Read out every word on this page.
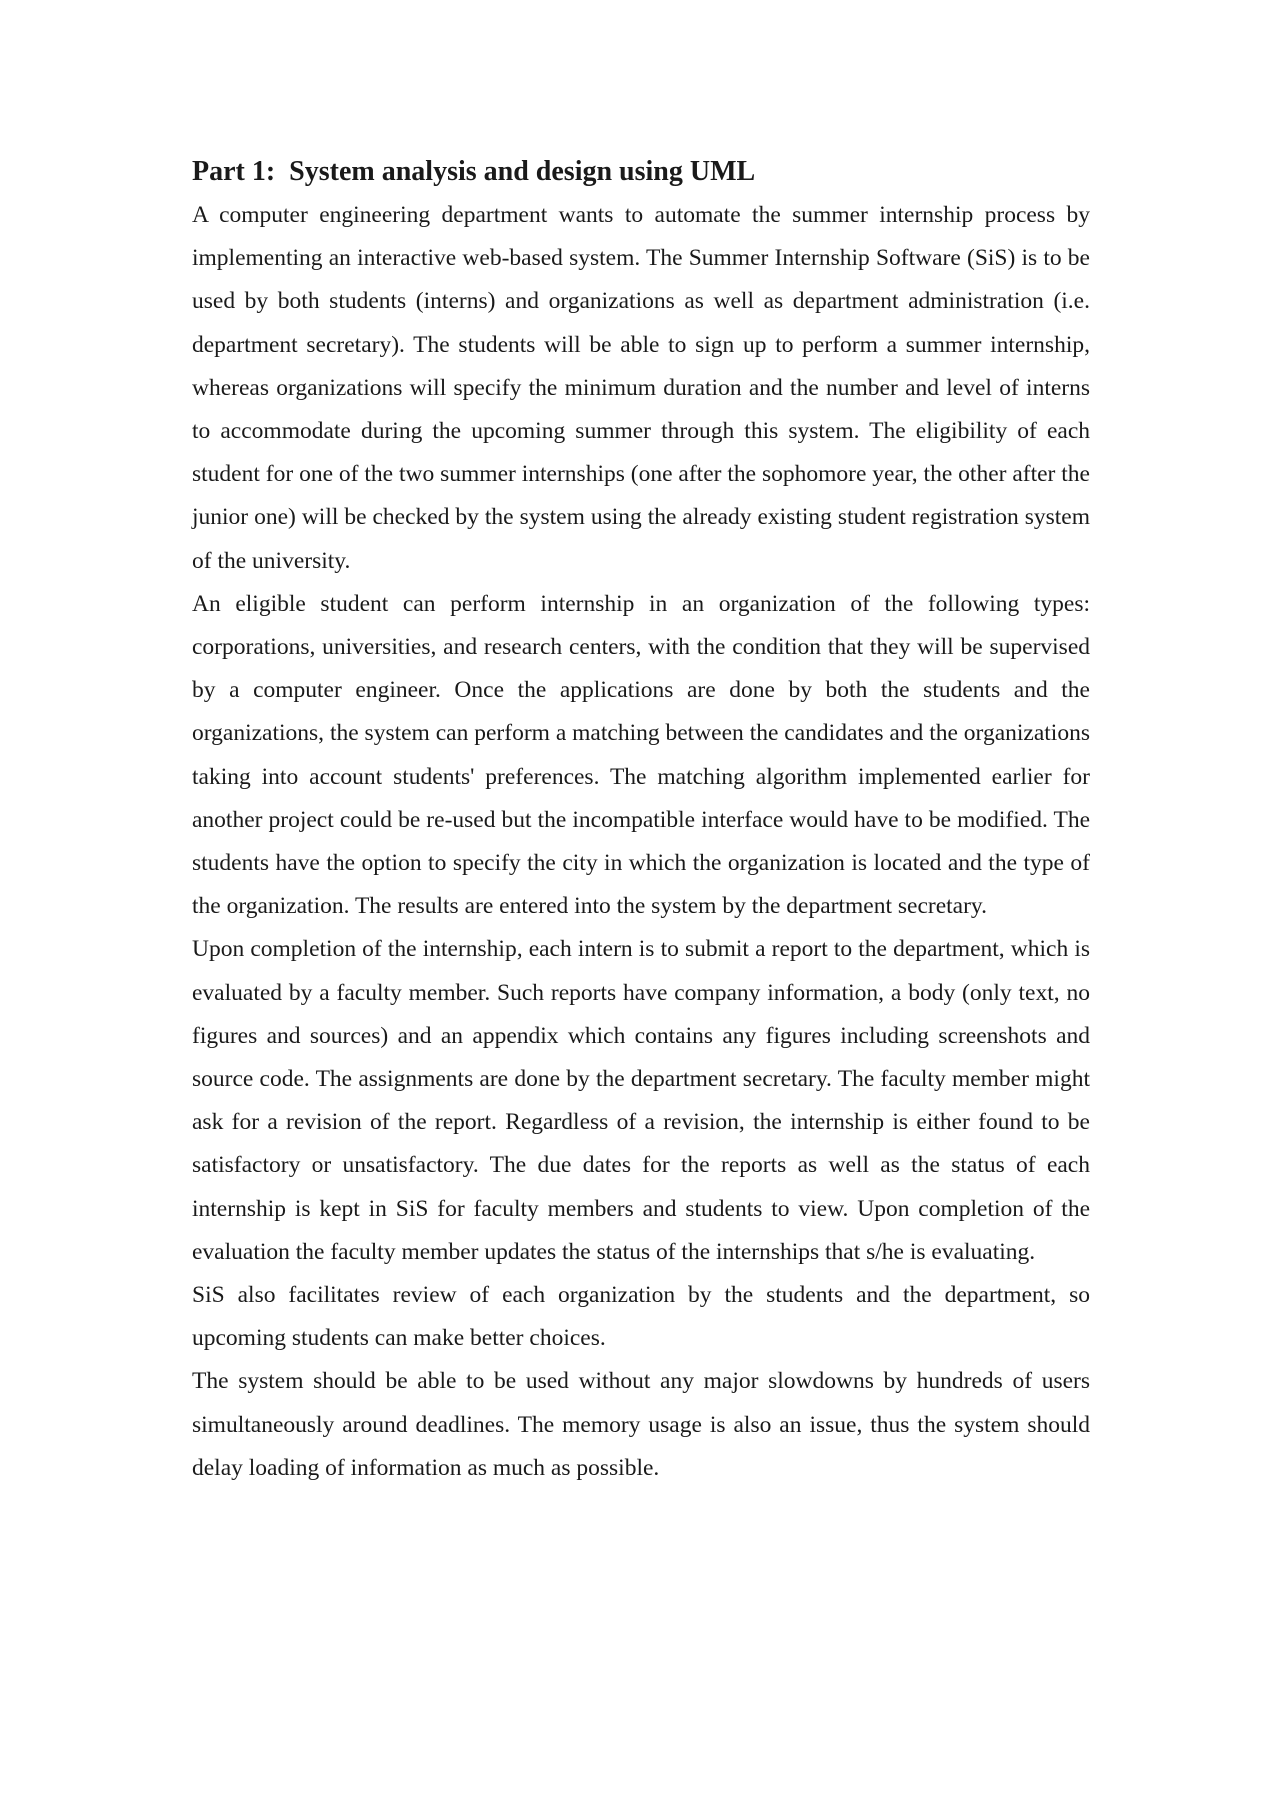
Part 1:  System analysis and design using UML

A computer engineering department wants to automate the summer internship process by implementing an interactive web-based system. The Summer Internship Software (SiS) is to be used by both students (interns) and organizations as well as department administration (i.e. department secretary). The students will be able to sign up to perform a summer internship, whereas organizations will specify the minimum duration and the number and level of interns to accommodate during the upcoming summer through this system. The eligibility of each student for one of the two summer internships (one after the sophomore year, the other after the junior one) will be checked by the system using the already existing student registration system of the university.

An eligible student can perform internship in an organization of the following types: corporations, universities, and research centers, with the condition that they will be supervised by a computer engineer. Once the applications are done by both the students and the organizations, the system can perform a matching between the candidates and the organizations taking into account students' preferences. The matching algorithm implemented earlier for another project could be re-used but the incompatible interface would have to be modified. The students have the option to specify the city in which the organization is located and the type of the organization. The results are entered into the system by the department secretary.

Upon completion of the internship, each intern is to submit a report to the department, which is evaluated by a faculty member. Such reports have company information, a body (only text, no figures and sources) and an appendix which contains any figures including screenshots and source code. The assignments are done by the department secretary. The faculty member might ask for a revision of the report. Regardless of a revision, the internship is either found to be satisfactory or unsatisfactory. The due dates for the reports as well as the status of each internship is kept in SiS for faculty members and students to view. Upon completion of the evaluation the faculty member updates the status of the internships that s/he is evaluating.

SiS also facilitates review of each organization by the students and the department, so upcoming students can make better choices.

The system should be able to be used without any major slowdowns by hundreds of users simultaneously around deadlines. The memory usage is also an issue, thus the system should delay loading of information as much as possible.
